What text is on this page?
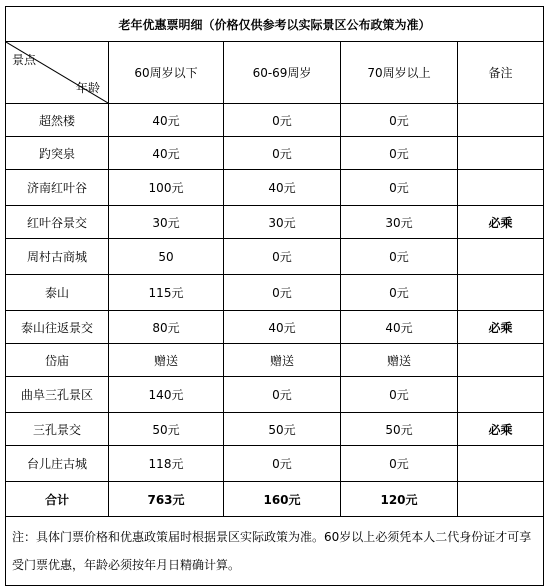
老年优惠票明细（价格仅供参考以实际景区公布政策为准）				

景点
年龄	60周岁以下	60-69周岁	70周岁以上	备注
超然楼	40元	0元	0元	
趵突泉	40元	0元	0元	
济南红叶谷	100元	40元	0元	
红叶谷景交	30元	30元	30元	必乘
周村古商城	50	0元	0元	
泰山	115元	0元	0元	
泰山往返景交	80元	40元	40元	必乘
岱庙	赠送	赠送	赠送	
曲阜三孔景区	140元	0元	0元	
三孔景交	50元	50元	50元	必乘
台儿庄古城	118元	0元	0元	
合计	763元	160元	120元	
注：具体门票价格和优惠政策届时根据景区实际政策为准。60岁以上必须凭本人二代身份证才可享受门票优惠，年龄必须按年月日精确计算。				
